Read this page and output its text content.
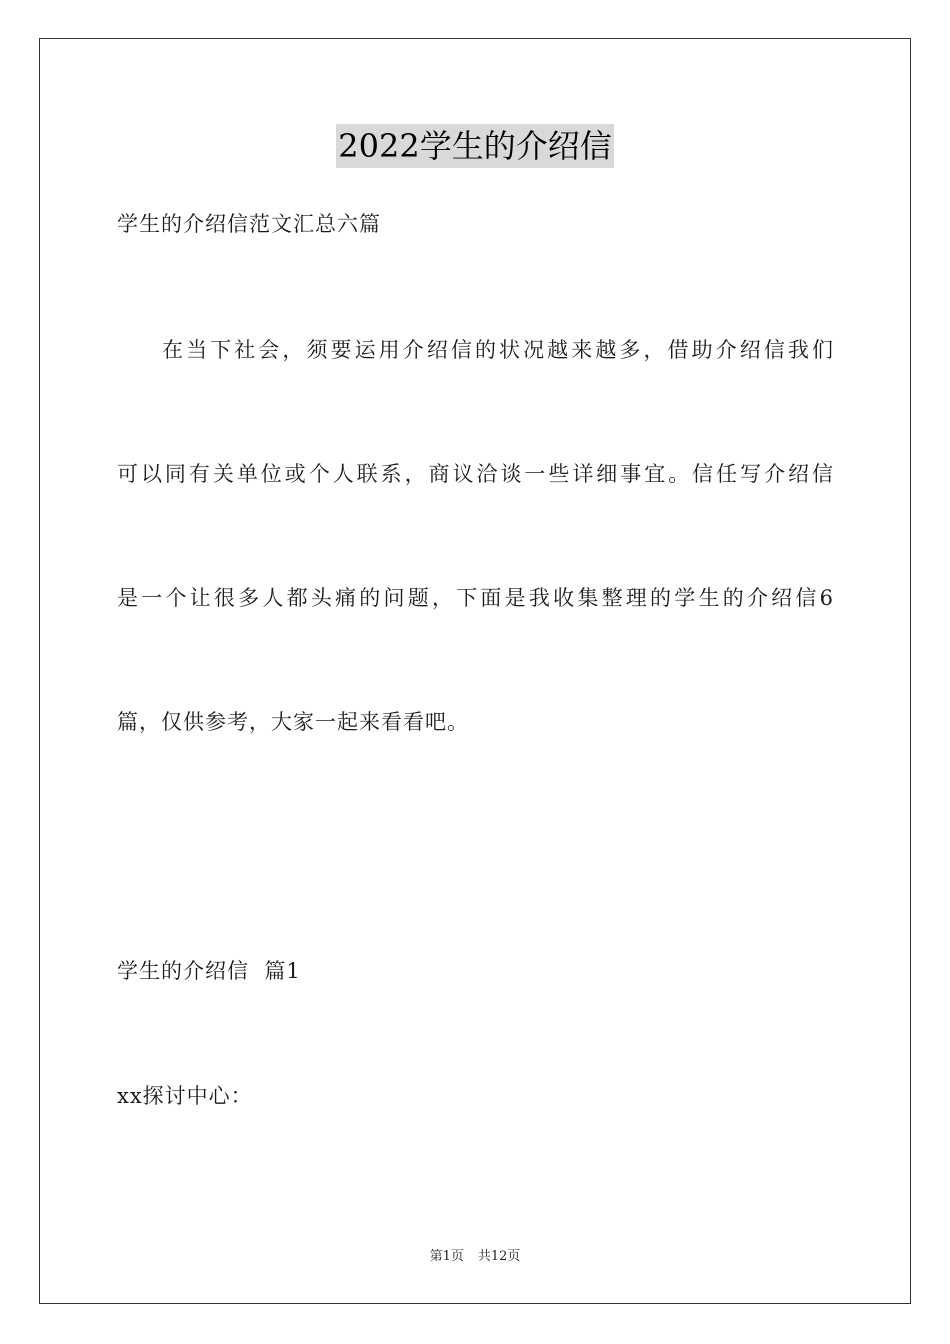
2022学生的介绍信
学生的介绍信范文汇总六篇
在当下社会，须要运用介绍信的状况越来越多，借助介绍信我们
可以同有关单位或个人联系，商议洽谈一些详细事宜。信任写介绍信
是一个让很多人都头痛的问题，下面是我收集整理的学生的介绍信6
篇，仅供参考，大家一起来看看吧。
学生的介绍信  篇1
xx探讨中心：
第1页 共12页
